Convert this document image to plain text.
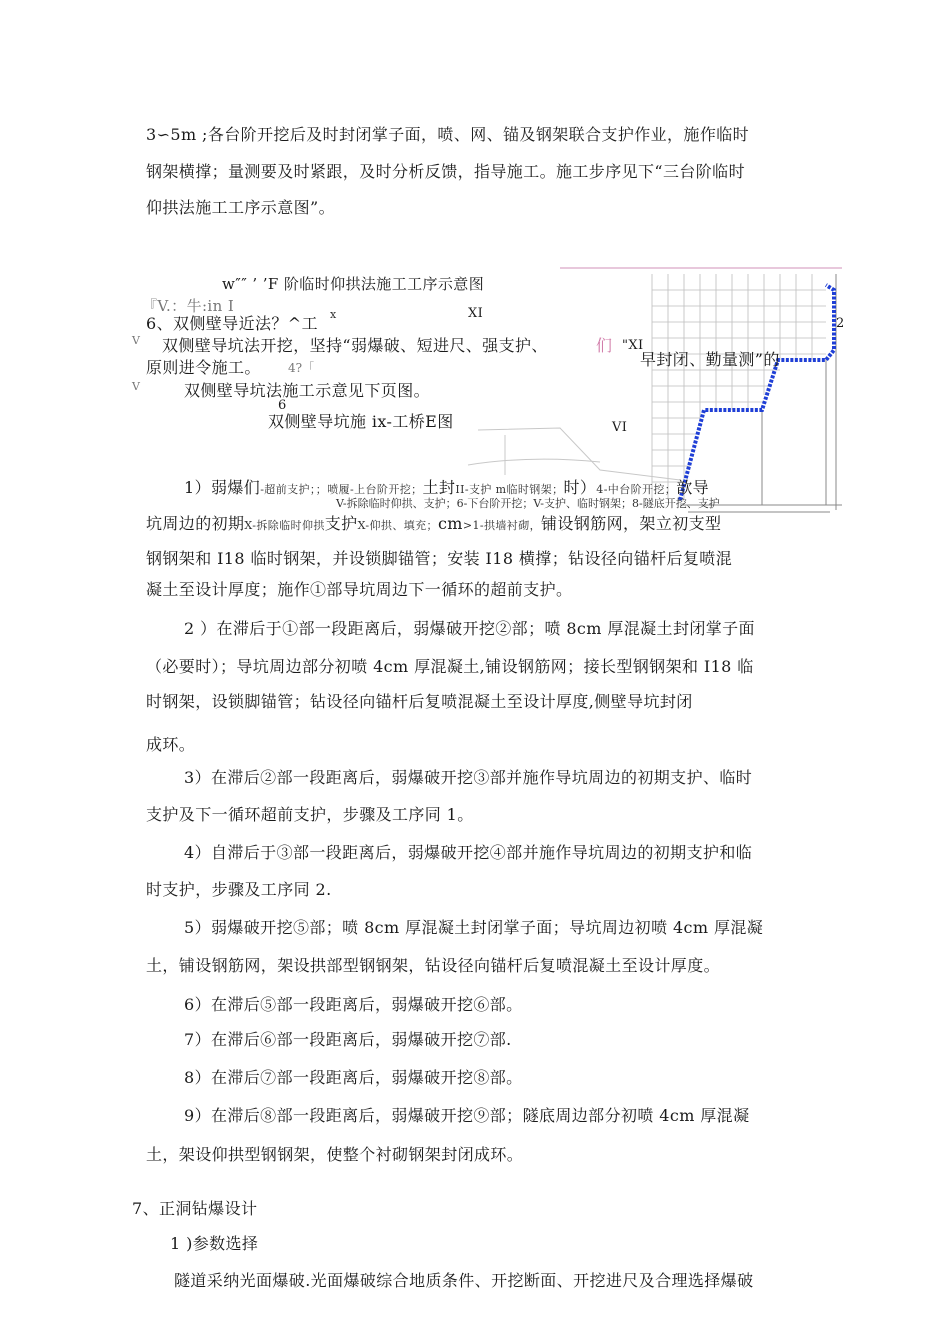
3∽5m ;各台阶开挖后及时封闭掌子面，喷、网、锚及钢架联合支护作业，施作临时
钢架横撑；量测要及时紧跟，及时分析反馈，指导施工。施工步序见下“三台阶临时
仰拱法施工工序示意图”。
w″″ ’ ’F 阶临时仰拱法施工工序示意图
『V.：牛:in I	x	XI
VI
2
6、双侧壁导近法？^工
V 双侧壁导坑法开挖，坚持“弱爆破、短进尺、强支护、	们 "XI
早封闭、勤量测”的
原则进令施工。 4?「
V	双侧壁导坑法施工示意见下页图。
6
双侧壁导坑施 ix-工桥E图
1）弱爆们-超前支护；；喷履-上台阶开挖；土封II-支护 m临时钢架；时）4-中台阶开挖；歆导
V-拆除临时仰拱、支护；6-下台阶开挖；V-支护、临时钢架；8-隧底开挖、支护
坑周边的初期X-拆除临时仰拱支护X-仰拱、填充；cm>1-拱墙衬砌，铺设钢筋网，架立初支型
钢钢架和 I18 临时钢架，并设锁脚锚管；安装 I18 横撑；钻设径向锚杆后复喷混
凝土至设计厚度；施作①部导坑周边下一循环的超前支护。
2 ）在滞后于①部一段距离后，弱爆破开挖②部；喷 8cm 厚混凝土封闭掌子面
（必要时）；导坑周边部分初喷 4cm 厚混凝土,铺设钢筋网；接长型钢钢架和 I18 临
时钢架，设锁脚锚管；钻设径向锚杆后复喷混凝土至设计厚度,侧壁导坑封闭
成环。
3）在滞后②部一段距离后，弱爆破开挖③部并施作导坑周边的初期支护、临时
支护及下一循环超前支护，步骤及工序同 1。
4）自滞后于③部一段距离后，弱爆破开挖④部并施作导坑周边的初期支护和临
时支护，步骤及工序同 2.
5）弱爆破开挖⑤部；喷 8cm 厚混凝土封闭掌子面；导坑周边初喷 4cm 厚混凝
土，铺设钢筋网，架设拱部型钢钢架，钻设径向锚杆后复喷混凝土至设计厚度。
6）在滞后⑤部一段距离后，弱爆破开挖⑥部。
7）在滞后⑥部一段距离后，弱爆破开挖⑦部.
8）在滞后⑦部一段距离后，弱爆破开挖⑧部。
9）在滞后⑧部一段距离后，弱爆破开挖⑨部；隧底周边部分初喷 4cm 厚混凝
土，架设仰拱型钢钢架，使整个衬砌钢架封闭成环。
7、正洞钻爆设计
1 )参数选择
隧道采纳光面爆破.光面爆破综合地质条件、开挖断面、开挖进尺及合理选择爆破
